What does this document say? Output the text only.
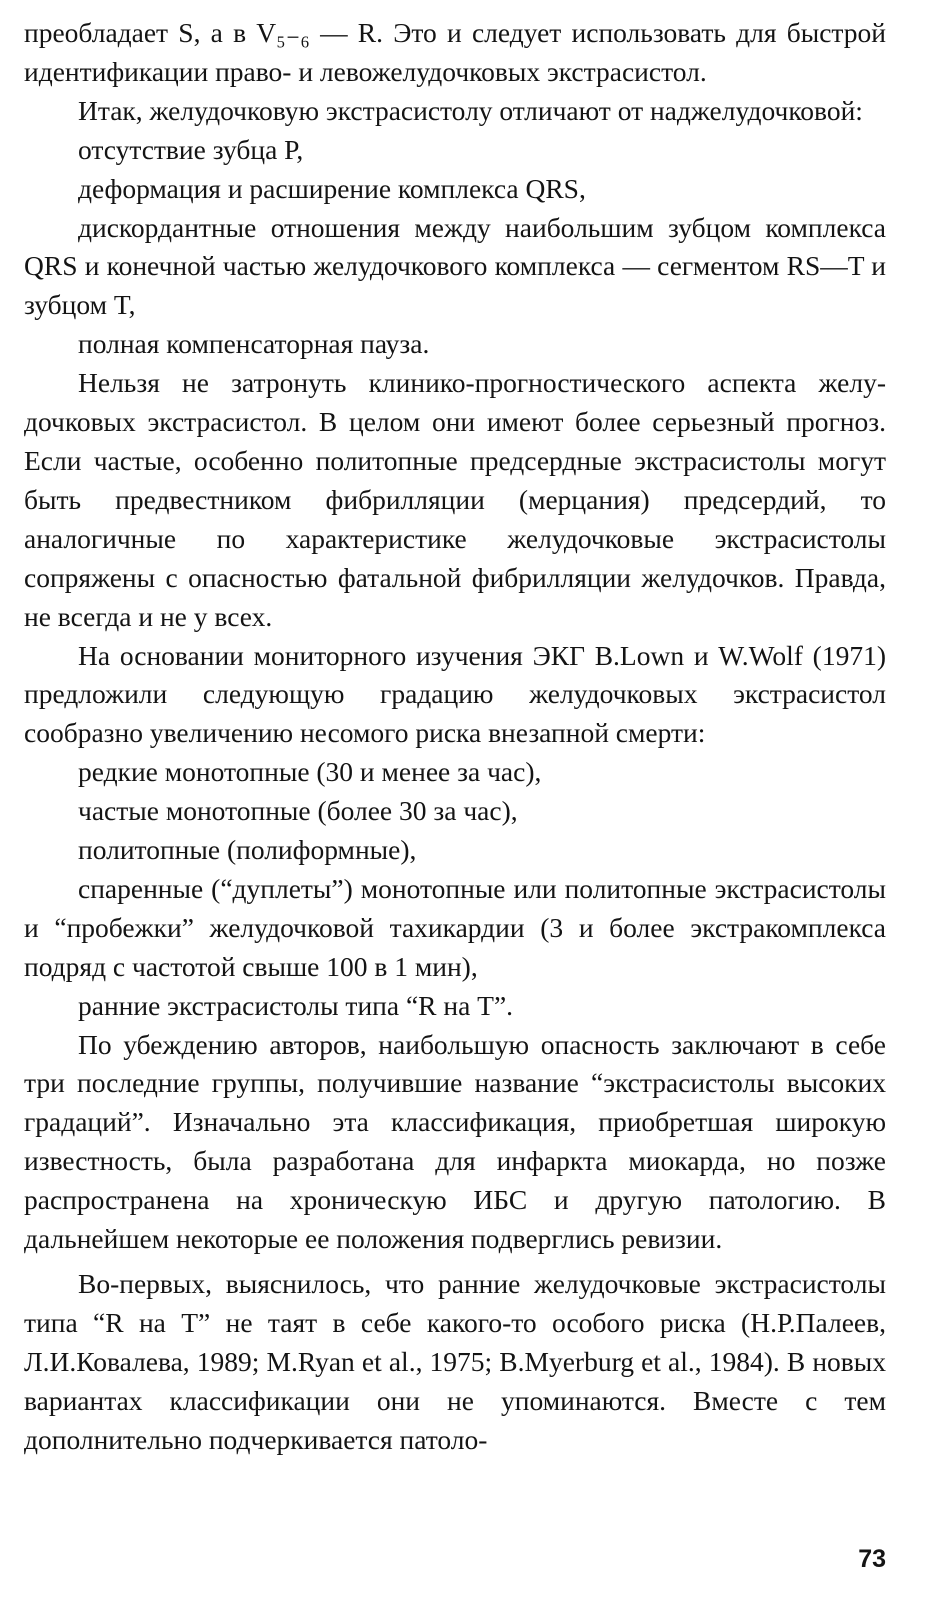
преобладает S, а в V₅₋₆ — R. Это и следует использовать для быстрой идентификации право- и левожелудочковых экстрасистол.

Итак, желудочковую экстрасистолу отличают от наджелудочковой:

отсутствие зубца P,

деформация и расширение комплекса QRS,

дискордантные отношения между наибольшим зубцом комплекса QRS и конечной частью желудочкового комплекса — сегментом RS—T и зубцом T,

полная компенсаторная пауза.

Нельзя не затронуть клинико-прогностического аспекта желудочковых экстрасистол. В целом они имеют более серьезный прогноз. Если частые, особенно политопные предсердные экстрасистолы могут быть предвестником фибрилляции (мерцания) предсердий, то аналогичные по характеристике желудочковые экстрасистолы сопряжены с опасностью фатальной фибрилляции желудочков. Правда, не всегда и не у всех.

На основании мониторного изучения ЭКГ B.Lown и W.Wolf (1971) предложили следующую градацию желудочковых экстрасистол сообразно увеличению несомого риска внезапной смерти:

редкие монотопные (30 и менее за час),

частые монотопные (более 30 за час),

политопные (полиформные),

спаренные (“дуплеты”) монотопные или политопные экстрасистолы и “пробежки” желудочковой тахикардии (3 и более экстракомплекса подряд с частотой свыше 100 в 1 мин),

ранние экстрасистолы типа “R на T”.

По убеждению авторов, наибольшую опасность заключают в себе три последние группы, получившие название “экстрасистолы высоких градаций”. Изначально эта классификация, приобретшая широкую известность, была разработана для инфаркта миокарда, но позже распространена на хроническую ИБС и другую патологию. В дальнейшем некоторые ее положения подверглись ревизии.

Во-первых, выяснилось, что ранние желудочковые экстрасистолы типа “R на T” не таят в себе какого-то особого риска (Н.Р.Палеев, Л.И.Ковалева, 1989; M.Ryan et al., 1975; B.Myerburg et al., 1984). В новых вариантах классификации они не упоминаются. Вместе с тем дополнительно подчеркивается патоло-

73
